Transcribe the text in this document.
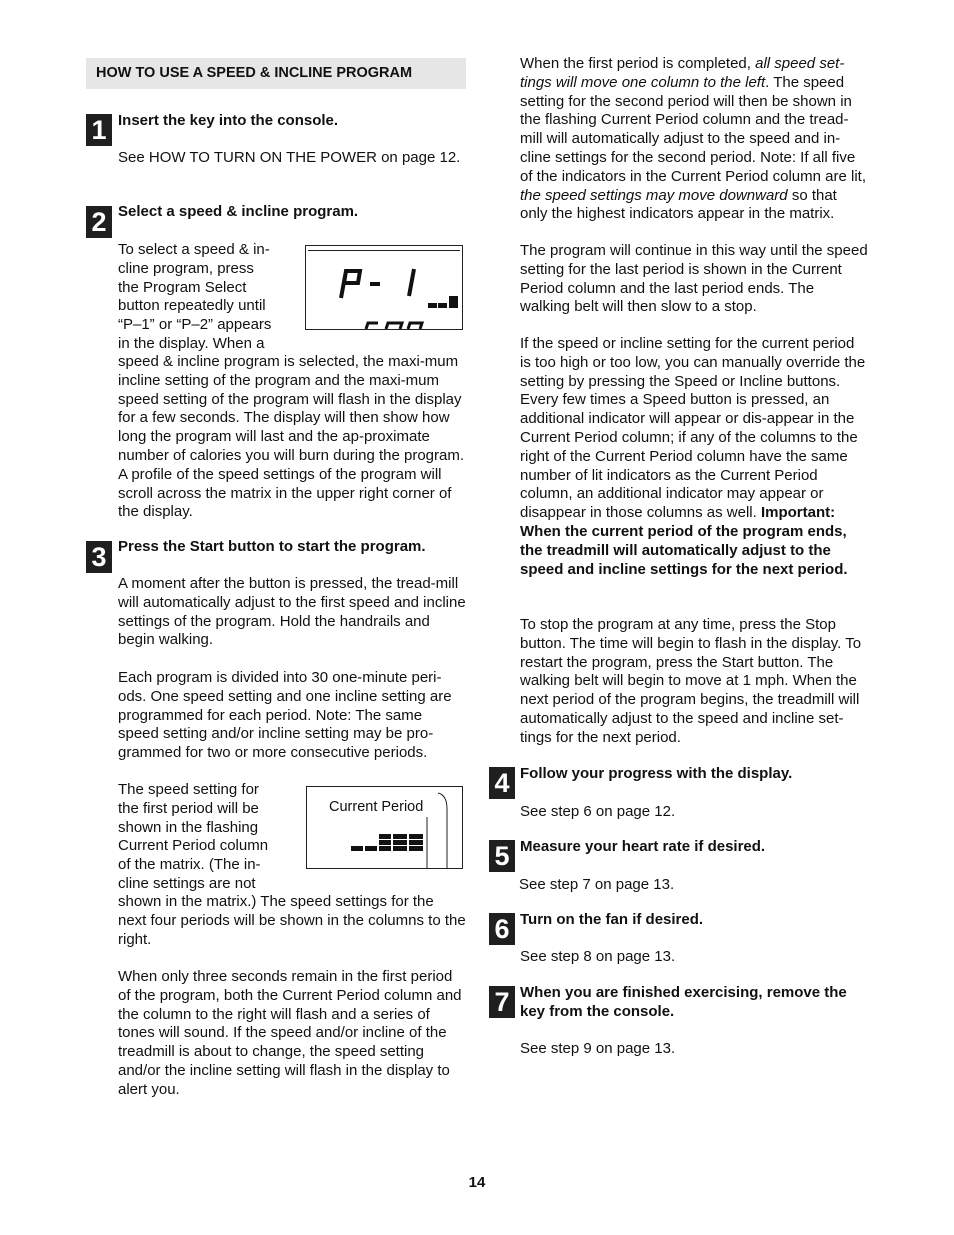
HOW TO USE A SPEED & INCLINE PROGRAM
1 Insert the key into the console.
See HOW TO TURN ON THE POWER on page 12.
2 Select a speed & incline program.
To select a speed & in-
cline program, press
the Program Select
button repeatedly until
“P–1” or “P–2” appears
in the display. When a
speed & incline program is selected, the maxi-mum incline setting of the program and the maxi-mum speed setting of the program will flash in the display for a few seconds. The display will then show how long the program will last and the ap-proximate number of calories you will burn during the program. A profile of the speed settings of the program will scroll across the matrix in the upper right corner of the display.
3 Press the Start button to start the program.
A moment after the button is pressed, the tread-mill will automatically adjust to the first speed and incline settings of the program. Hold the handrails and begin walking.
Each program is divided into 30 one-minute peri-ods. One speed setting and one incline setting are programmed for each period. Note: The same speed setting and/or incline setting may be pro-grammed for two or more consecutive periods.
The speed setting for
the first period will be
shown in the flashing
Current Period column
of the matrix. (The in-
cline settings are not
shown in the matrix.) The speed settings for the next four periods will be shown in the columns to the right.
Current Period
When only three seconds remain in the first period of the program, both the Current Period column and the column to the right will flash and a series of tones will sound. If the speed and/or incline of the treadmill is about to change, the speed setting and/or the incline setting will flash in the display to alert you.
When the first period is completed, all speed set-tings will move one column to the left. The speed setting for the second period will then be shown in the flashing Current Period column and the tread-mill will automatically adjust to the speed and in-cline settings for the second period. Note: If all five of the indicators in the Current Period column are lit, the speed settings may move downward so that only the highest indicators appear in the matrix.
The program will continue in this way until the speed setting for the last period is shown in the Current Period column and the last period ends. The walking belt will then slow to a stop.
If the speed or incline setting for the current period is too high or too low, you can manually override the setting by pressing the Speed or Incline buttons. Every few times a Speed button is pressed, an additional indicator will appear or dis-appear in the Current Period column; if any of the columns to the right of the Current Period column have the same number of lit indicators as the Current Period column, an additional indicator may appear or disappear in those columns as well. Important: When the current period of the program ends, the treadmill will automatically adjust to the speed and incline settings for the next period.
To stop the program at any time, press the Stop button. The time will begin to flash in the display. To restart the program, press the Start button. The walking belt will begin to move at 1 mph. When the next period of the program begins, the treadmill will automatically adjust to the speed and incline set-tings for the next period.
4 Follow your progress with the display.
See step 6 on page 12.
5 Measure your heart rate if desired.
See step 7 on page 13.
6 Turn on the fan if desired.
See step 8 on page 13.
7 When you are finished exercising, remove the key from the console.
See step 9 on page 13.
14
